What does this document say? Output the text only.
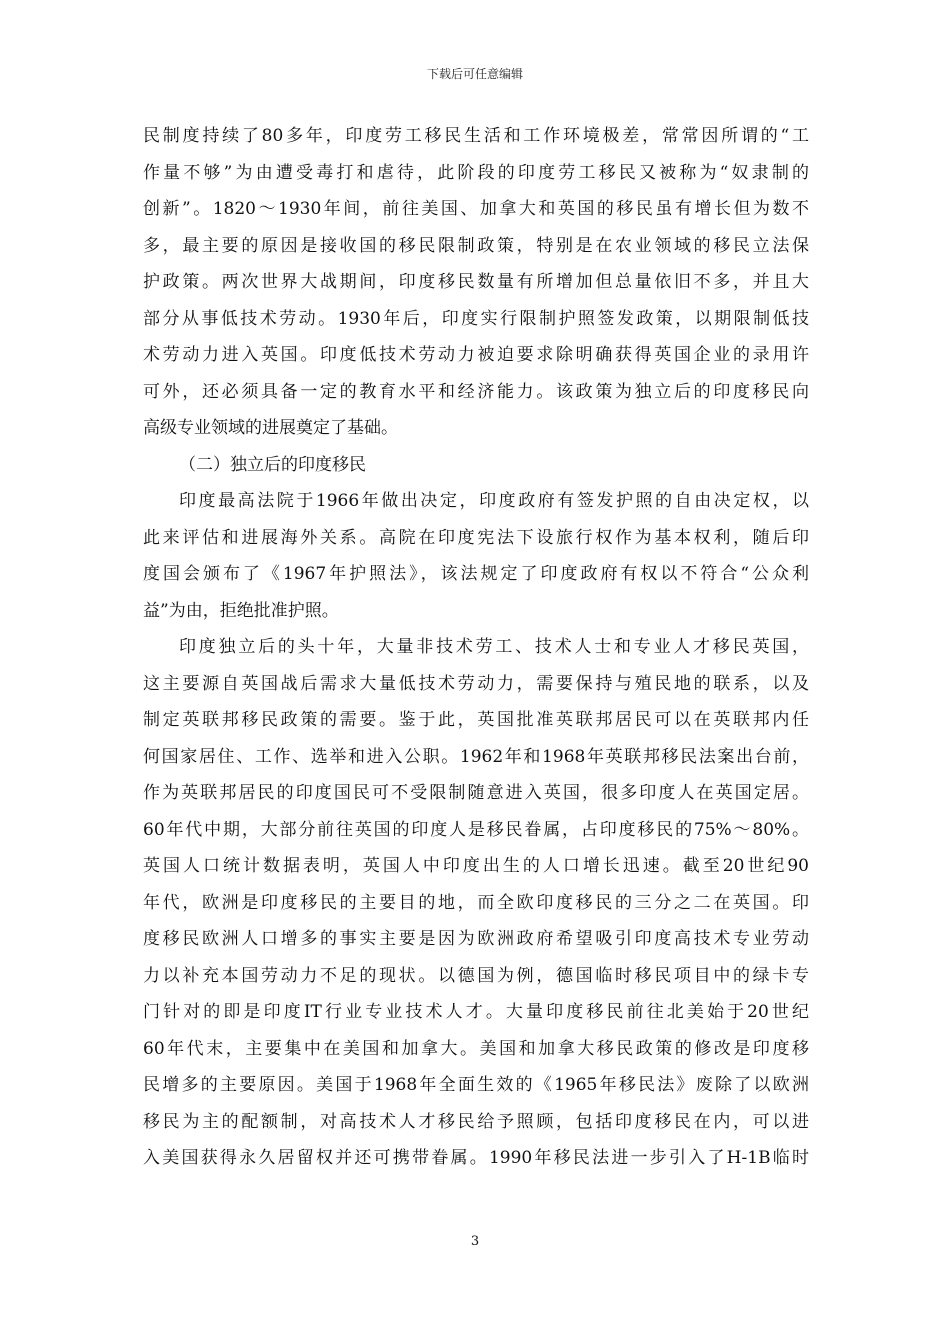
下载后可任意编辑
民制度持续了80多年，印度劳工移民生活和工作环境极差，常常因所谓的“工
作量不够”为由遭受毒打和虐待，此阶段的印度劳工移民又被称为“奴隶制的
创新”。1820～1930年间，前往美国、加拿大和英国的移民虽有增长但为数不
多，最主要的原因是接收国的移民限制政策，特别是在农业领域的移民立法保
护政策。两次世界大战期间，印度移民数量有所增加但总量依旧不多，并且大
部分从事低技术劳动。1930年后，印度实行限制护照签发政策，以期限制低技
术劳动力进入英国。印度低技术劳动力被迫要求除明确获得英国企业的录用许
可外，还必须具备一定的教育水平和经济能力。该政策为独立后的印度移民向
高级专业领域的进展奠定了基础。
（二）独立后的印度移民
印度最高法院于1966年做出决定，印度政府有签发护照的自由决定权，以
此来评估和进展海外关系。高院在印度宪法下设旅行权作为基本权利，随后印
度国会颁布了《1967年护照法》，该法规定了印度政府有权以不符合“公众利
益”为由，拒绝批准护照。
印度独立后的头十年，大量非技术劳工、技术人士和专业人才移民英国，
这主要源自英国战后需求大量低技术劳动力，需要保持与殖民地的联系，以及
制定英联邦移民政策的需要。鉴于此，英国批准英联邦居民可以在英联邦内任
何国家居住、工作、选举和进入公职。1962年和1968年英联邦移民法案出台前，
作为英联邦居民的印度国民可不受限制随意进入英国，很多印度人在英国定居。
60年代中期，大部分前往英国的印度人是移民眷属，占印度移民的75%～80%。
英国人口统计数据表明，英国人中印度出生的人口增长迅速。截至20世纪90
年代，欧洲是印度移民的主要目的地，而全欧印度移民的三分之二在英国。印
度移民欧洲人口增多的事实主要是因为欧洲政府希望吸引印度高技术专业劳动
力以补充本国劳动力不足的现状。以德国为例，德国临时移民项目中的绿卡专
门针对的即是印度IT行业专业技术人才。大量印度移民前往北美始于20世纪
60年代末，主要集中在美国和加拿大。美国和加拿大移民政策的修改是印度移
民增多的主要原因。美国于1968年全面生效的《1965年移民法》废除了以欧洲
移民为主的配额制，对高技术人才移民给予照顾，包括印度移民在内，可以进
入美国获得永久居留权并还可携带眷属。1990年移民法进一步引入了H-1B临时
3
